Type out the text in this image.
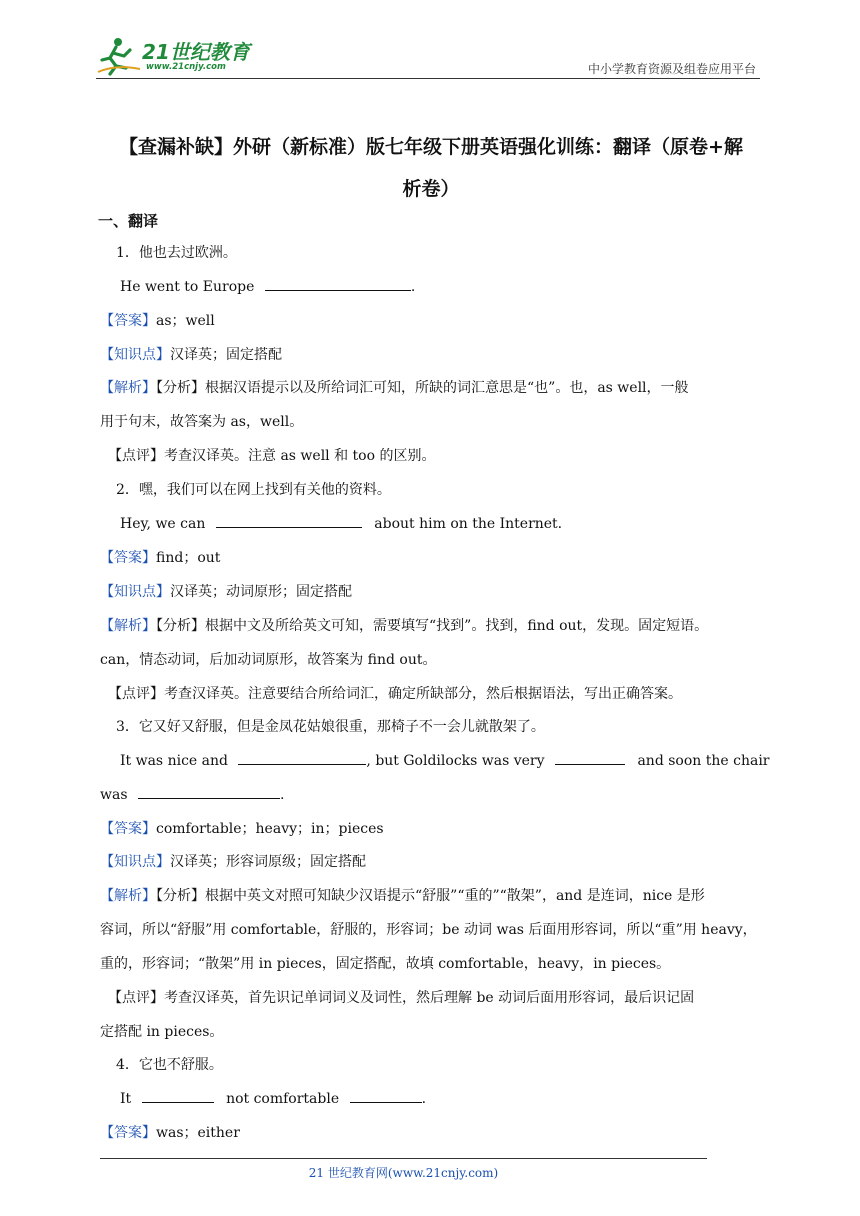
21世纪教育
www.21cnjy.com	中小学教育资源及组卷应用平台
【查漏补缺】外研（新标准）版七年级下册英语强化训练：翻译（原卷+解
析卷）
一、翻译
1．他也去过欧洲。
He went to Europe	.
【答案】as；well
【知识点】汉译英；固定搭配
【解析】【分析】根据汉语提示以及所给词汇可知，所缺的词汇意思是“也”。也，as well，一般
用于句末，故答案为 as，well。
【点评】考查汉译英。注意 as well 和 too 的区别。
2．嘿，我们可以在网上找到有关他的资料。
Hey, we can	about him on the Internet.
【答案】find；out
【知识点】汉译英；动词原形；固定搭配
【解析】【分析】根据中文及所给英文可知，需要填写“找到”。找到，find out，发现。固定短语。
can，情态动词，后加动词原形，故答案为 find out。
【点评】考查汉译英。注意要结合所给词汇，确定所缺部分，然后根据语法，写出正确答案。
3．它又好又舒服，但是金凤花姑娘很重，那椅子不一会儿就散架了。
It was nice and	, but Goldilocks was very	and soon the chair
was	.
【答案】comfortable；heavy；in；pieces
【知识点】汉译英；形容词原级；固定搭配
【解析】【分析】根据中英文对照可知缺少汉语提示“舒服”“重的”“散架”，and 是连词，nice 是形
容词，所以“舒服”用 comfortable，舒服的，形容词；be 动词 was 后面用形容词，所以“重”用 heavy，
重的，形容词；“散架”用 in pieces，固定搭配，故填 comfortable，heavy，in pieces。
【点评】考查汉译英，首先识记单词词义及词性，然后理解 be 动词后面用形容词，最后识记固
定搭配 in pieces。
4．它也不舒服。
It	not comfortable	.
【答案】was；either
21 世纪教育网(www.21cnjy.com)
